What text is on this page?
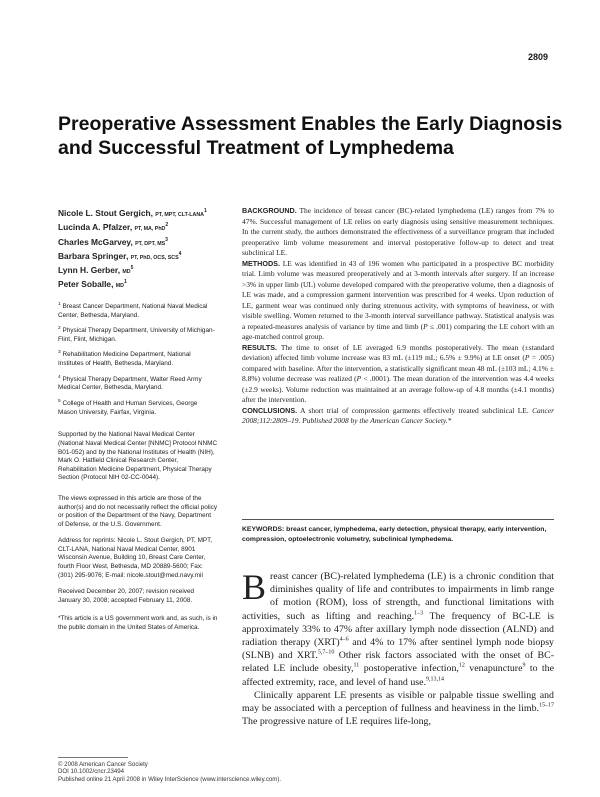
2809
Preoperative Assessment Enables the Early Diagnosis and Successful Treatment of Lymphedema
Nicole L. Stout Gergich, PT, MPT, CLT-LANA$^1$
Lucinda A. Pfalzer, PT, MA, PhD$^2$
Charles McGarvey, PT, DPT, $MS^3$
Barbara Springer, PT, PhD, OCS, SCS$^4$
Lynn H. Gerber, $MD^5$
Peter Soballe, $MD^1$

$^1$ Breast Cancer Department, National Naval Medical Center, Bethesda, Maryland.

$^2$ Physical Therapy Department, University of Michigan-Flint, Flint, Michigan.

$^3$ Rehabilitation Medicine Department, National Institutes of Health, Bethesda, Maryland.

$^4$ Physical Therapy Department, Walter Reed Army Medical Center, Bethesda, Maryland.

$^5$ College of Health and Human Services, George Mason University, Fairfax, Virginia.

Supported by the National Naval Medical Center (National Naval Medical Center [NNMC] Protocol NNMC B01-052) and by the National Institutes of Health (NIH), Mark O. Hatfield Clinical Research Center, Rehabilitation Medicine Department, Physical Therapy Section (Protocol NIH 02-CC-0044).

The views expressed in this article are those of the author(s) and do not necessarily reflect the official policy or position of the Department of the Navy, Department of Defense, or the U.S. Government.

Address for reprints: Nicole L. Stout Gergich, PT, MPT, CLT-LANA, National Naval Medical Center, 8901 Wisconsin Avenue, Building 10, Breast Care Center, fourth Floor West, Bethesda, MD 20889-5600; Fax: (301) 295-9076; E-mail: nicole.stout@med.navy.mil

Received December 20, 2007; revision received January 30, 2008; accepted February 11, 2008.

*This article is a US government work and, as such, is in the public domain in the United States of America.

BACKGROUND. The incidence of breast cancer (BC)-related lymphedema (LE) ranges from 7% to 47%. Successful management of LE relies on early diagnosis using sensitive measurement techniques. In the current study, the authors demonstrated the effectiveness of a surveillance program that included preoperative limb volume measurement and interval postoperative follow-up to detect and treat subclinical LE.

METHODS. LE was identified in 43 of 196 women who participated in a prospective BC morbidity trial. Limb volume was measured preoperatively and at 3-month intervals after surgery. If an increase >3% in upper limb (UL) volume developed compared with the preoperative volume, then a diagnosis of LE was made, and a compression garment intervention was prescribed for 4 weeks. Upon reduction of LE, garment wear was continued only during strenuous activity, with symptoms of heaviness, or with visible swelling. Women returned to the 3-month interval surveillance pathway. Statistical analysis was a repeated-measures analysis of variance by time and limb (P ≤ .001) comparing the LE cohort with an age-matched control group.

RESULTS. The time to onset of LE averaged 6.9 months postoperatively. The mean (±standard deviation) affected limb volume increase was 83 mL (±119 mL; 6.5% ± 9.9%) at LE onset (P = .005) compared with baseline. After the intervention, a statistically significant mean 48 mL (±103 mL; 4.1% ± 8.8%) volume decrease was realized (P < .0001). The mean duration of the intervention was 4.4 weeks (±2.9 weeks). Volume reduction was maintained at an average follow-up of 4.8 months (±4.1 months) after the intervention.

CONCLUSIONS. A short trial of compression garments effectively treated subclinical LE. Cancer 2008;112:2809–19. Published 2008 by the American Cancer Society.*

KEYWORDS: breast cancer, lymphedema, early detection, physical therapy, early intervention, compression, optoelectronic volumetry, subclinical lymphedema.

Breast cancer (BC)-related lymphedema (LE) is a chronic condition that diminishes quality of life and contributes to impairments in limb range of motion (ROM), loss of strength, and functional limitations with activities, such as lifting and reaching.$^{1-3}$ The frequency of BC-LE is approximately 33% to 47% after axillary lymph node dissection (ALND) and radiation therapy (XRT)$^{4-6}$ and 4% to 17% after sentinel lymph node biopsy (SLNB) and XRT.$^{5,7-10}$ Other risk factors associated with the onset of BC-related LE include obesity,$^{11}$ postoperative infection,$^{12}$ venapuncture$^9$ to the affected extremity, race, and level of hand use.$^{9,13,14}$

Clinically apparent LE presents as visible or palpable tissue swelling and may be associated with a perception of fullness and heaviness in the limb.$^{15-17}$ The progressive nature of LE requires life-long,

© 2008 American Cancer Society
DOI 10.1002/cncr.23494
Published online 21 April 2008 in Wiley InterScience (www.interscience.wiley.com).
